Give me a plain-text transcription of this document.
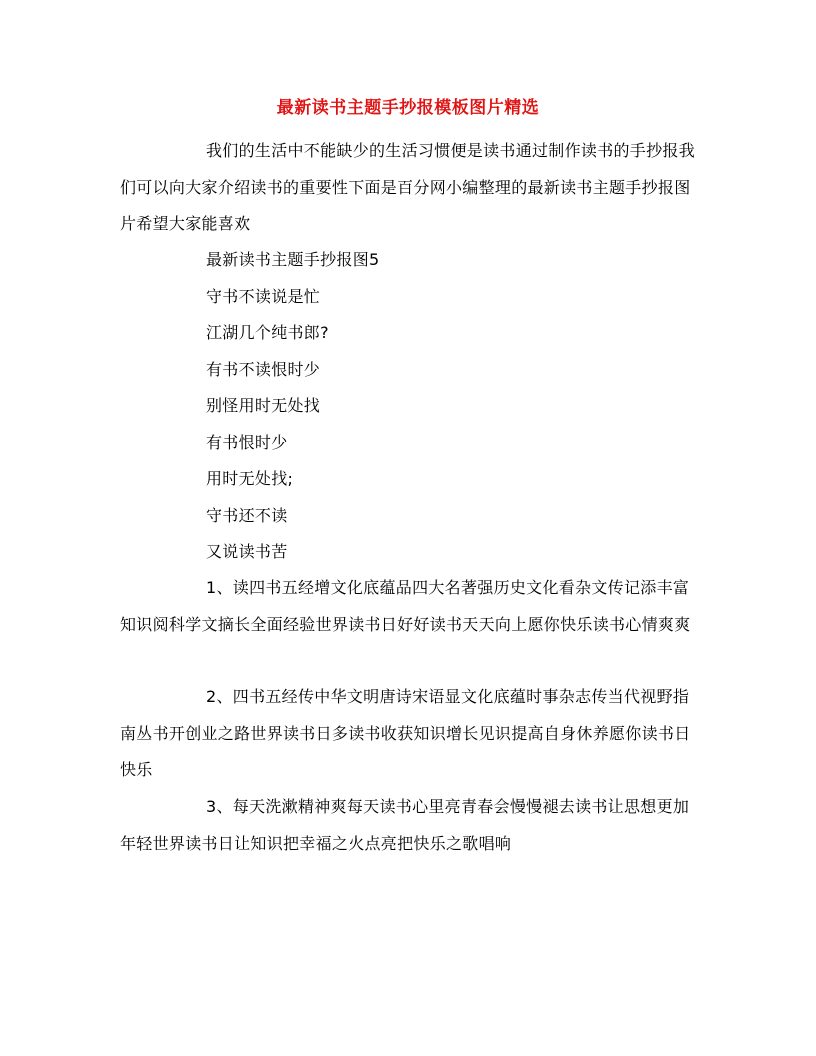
最新读书主题手抄报模板图片精选
我们的生活中不能缺少的生活习惯便是读书通过制作读书的手抄报我们可以向大家介绍读书的重要性下面是百分网小编整理的最新读书主题手抄报图片希望大家能喜欢
最新读书主题手抄报图5
守书不读说是忙
江湖几个纯书郎?
有书不读恨时少
别怪用时无处找
有书恨时少
用时无处找;
守书还不读
又说读书苦
1、读四书五经增文化底蕴品四大名著强历史文化看杂文传记添丰富知识阅科学文摘长全面经验世界读书日好好读书天天向上愿你快乐读书心情爽爽
2、四书五经传中华文明唐诗宋语显文化底蕴时事杂志传当代视野指南丛书开创业之路世界读书日多读书收获知识增长见识提高自身休养愿你读书日快乐
3、每天洗漱精神爽每天读书心里亮青春会慢慢褪去读书让思想更加年轻世界读书日让知识把幸福之火点亮把快乐之歌唱响
